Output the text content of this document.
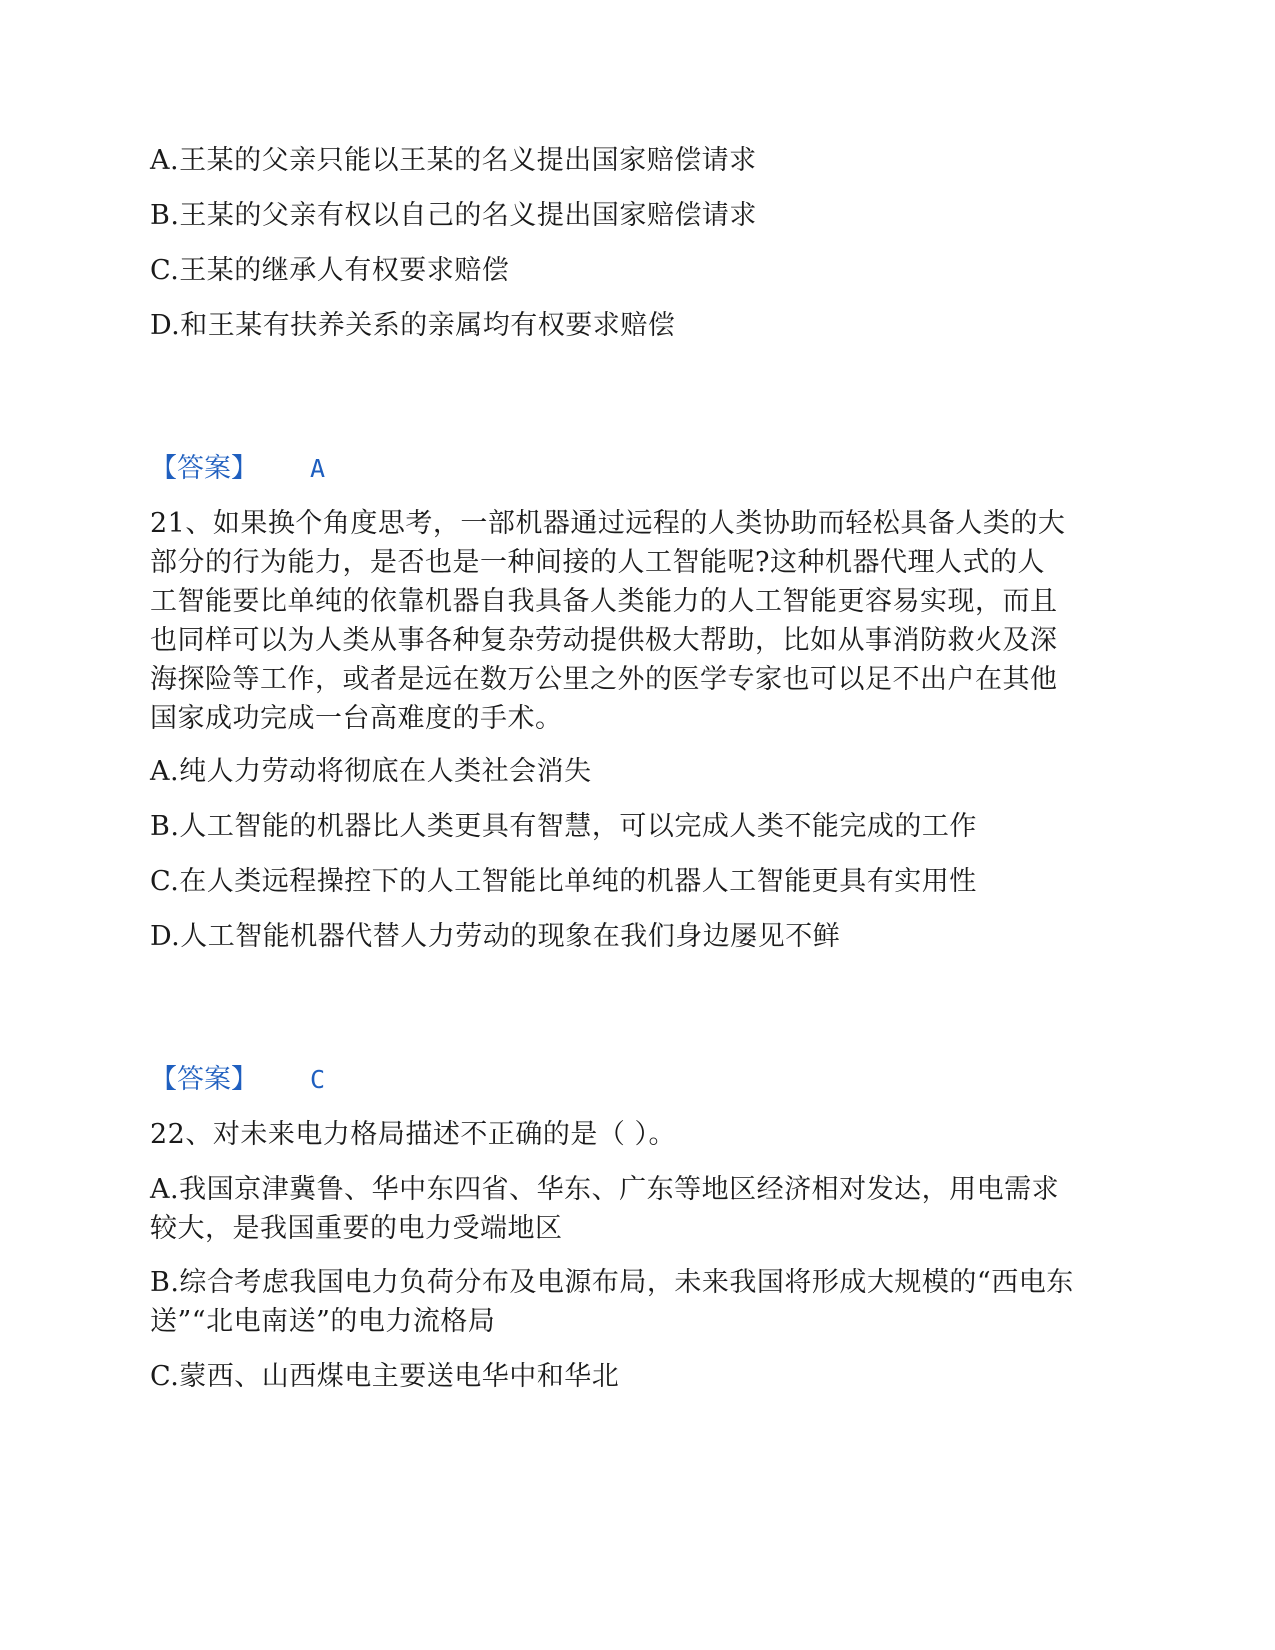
A.王某的父亲只能以王某的名义提出国家赔偿请求
B.王某的父亲有权以自己的名义提出国家赔偿请求
C.王某的继承人有权要求赔偿
D.和王某有扶养关系的亲属均有权要求赔偿
【答案】 A
21、如果换个角度思考，一部机器通过远程的人类协助而轻松具备人类的大
部分的行为能力，是否也是一种间接的人工智能呢?这种机器代理人式的人
工智能要比单纯的依靠机器自我具备人类能力的人工智能更容易实现，而且
也同样可以为人类从事各种复杂劳动提供极大帮助，比如从事消防救火及深
海探险等工作，或者是远在数万公里之外的医学专家也可以足不出户在其他
国家成功完成一台高难度的手术。
A.纯人力劳动将彻底在人类社会消失
B.人工智能的机器比人类更具有智慧，可以完成人类不能完成的工作
C.在人类远程操控下的人工智能比单纯的机器人工智能更具有实用性
D.人工智能机器代替人力劳动的现象在我们身边屡见不鲜
【答案】 C
22、对未来电力格局描述不正确的是（ ）。
A.我国京津冀鲁、华中东四省、华东、广东等地区经济相对发达，用电需求
较大，是我国重要的电力受端地区
B.综合考虑我国电力负荷分布及电源布局，未来我国将形成大规模的“西电东
送”“北电南送”的电力流格局
C.蒙西、山西煤电主要送电华中和华北
